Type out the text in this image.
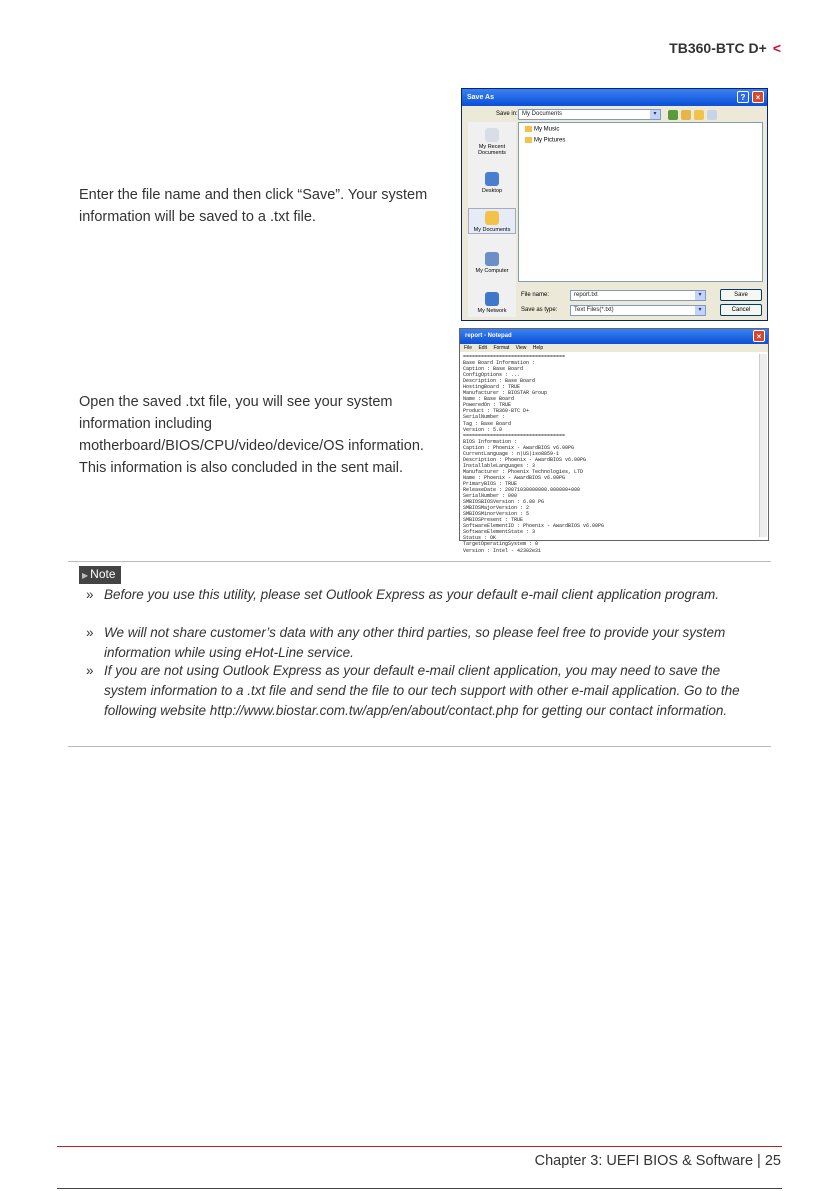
TB360-BTC D+ <
Enter the file name and then click “Save”. Your system information will be saved to a .txt file.
Open the saved .txt file, you will see your system information including motherboard/BIOS/CPU/video/device/OS information. This information is also concluded in the sent mail.
Save As	?	×
Save in: My Documents	▾
My Recent Documents
Desktop
My Documents
My Computer
My Network
My Music
My Pictures
File name:	report.txt	▾
Save as type:	Text Files(*.txt)	▾
Save
Cancel
report - Notepad	×
File Edit Format View Help
==================================
Base Board Information :
Caption : Base Board
ConfigOptions : ...
Description : Base Board
HostingBoard : TRUE
Manufacturer : BIOSTAR Group
Name : Base Board
PoweredOn : TRUE
Product : TB360-BTC D+
SerialNumber :
Tag : Base Board
Version : 5.0
==================================
BIOS Information :
Caption : Phoenix - AwardBIOS v6.00PG
CurrentLanguage : n|US|iso8859-1
Description : Phoenix - AwardBIOS v6.00PG
InstallableLanguages : 3
Manufacturer : Phoenix Technologies, LTD
Name : Phoenix - AwardBIOS v6.00PG
PrimaryBIOS : TRUE
ReleaseDate : 20071030000000.000000+000
SerialNumber : 000
SMBIOSBIOSVersion : 6.00 PG
SMBIOSMajorVersion : 2
SMBIOSMinorVersion : 5
SMBIOSPresent : TRUE
SoftwareElementID : Phoenix - AwardBIOS v6.00PG
SoftwareElementState : 3
Status : OK
TargetOperatingSystem : 0
Version : Intel - 42302e31
▶ Note
» Before you use this utility, please set Outlook Express as your default e-mail client application program.
» We will not share customer’s data with any other third parties, so please feel free to provide your system information while using eHot-Line service.
» If you are not using Outlook Express as your default e-mail client application, you may need to save the system information to a .txt file and send the file to our tech support with other e-mail application. Go to the following website http://www.biostar.com.tw/app/en/about/contact.php for getting our contact information.
Chapter 3: UEFI BIOS & Software | 25
